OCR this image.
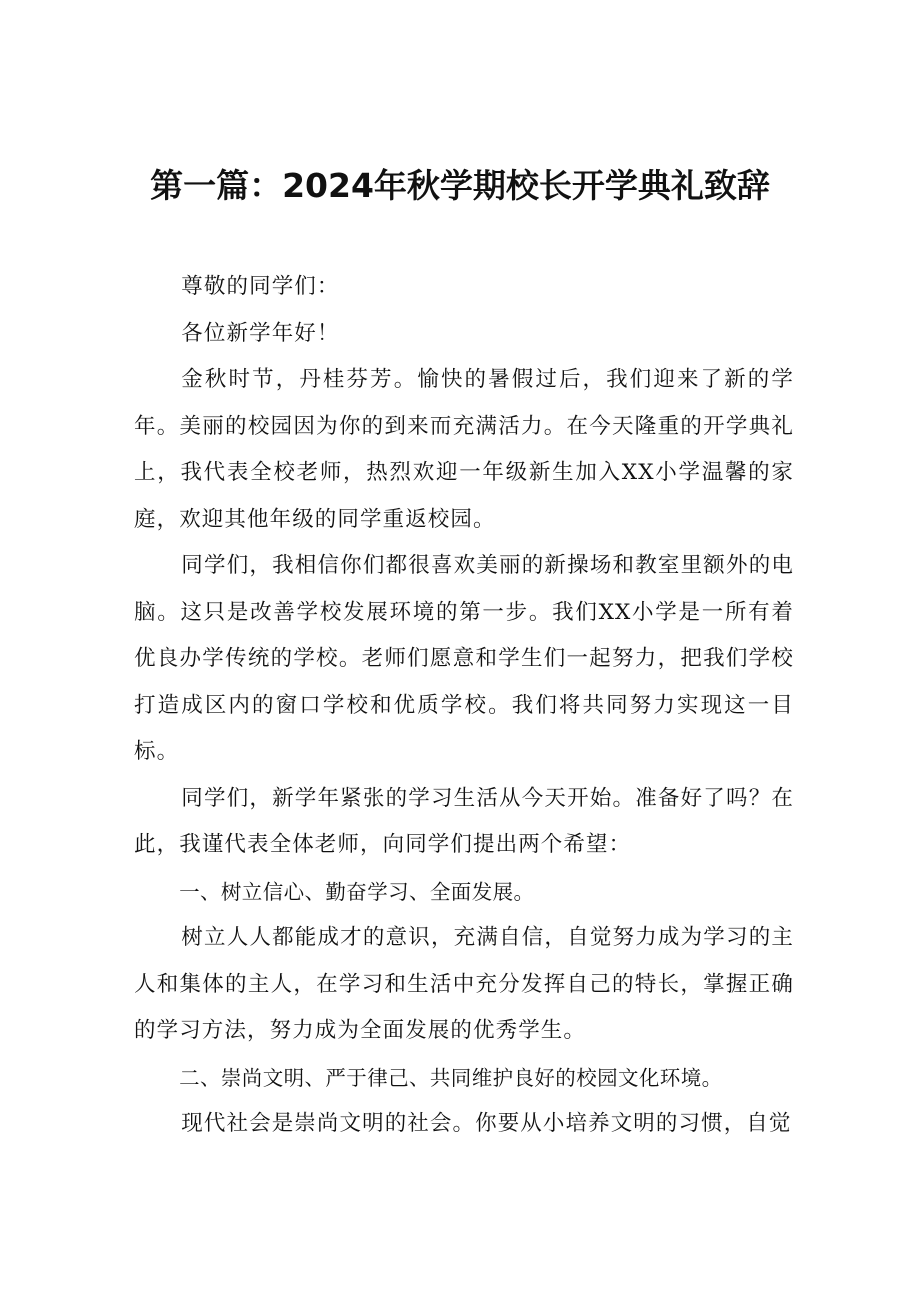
第一篇：2024年秋学期校长开学典礼致辞

尊敬的同学们：

各位新学年好！

金秋时节，丹桂芬芳。愉快的暑假过后，我们迎来了新的学年。美丽的校园因为你的到来而充满活力。在今天隆重的开学典礼上，我代表全校老师，热烈欢迎一年级新生加入XX小学温馨的家庭，欢迎其他年级的同学重返校园。

同学们，我相信你们都很喜欢美丽的新操场和教室里额外的电脑。这只是改善学校发展环境的第一步。我们XX小学是一所有着优良办学传统的学校。老师们愿意和学生们一起努力，把我们学校打造成区内的窗口学校和优质学校。我们将共同努力实现这一目标。

同学们，新学年紧张的学习生活从今天开始。准备好了吗？在此，我谨代表全体老师，向同学们提出两个希望：

一、树立信心、勤奋学习、全面发展。

树立人人都能成才的意识，充满自信，自觉努力成为学习的主人和集体的主人，在学习和生活中充分发挥自己的特长，掌握正确的学习方法，努力成为全面发展的优秀学生。

二、崇尚文明、严于律己、共同维护良好的校园文化环境。

现代社会是崇尚文明的社会。你要从小培养文明的习惯，自觉
